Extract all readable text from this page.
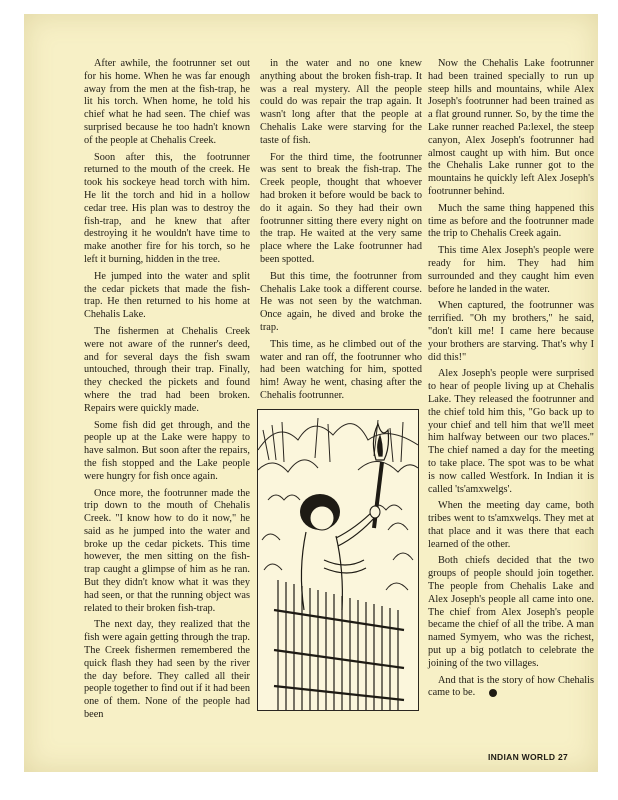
After awhile, the footrunner set out for his home. When he was far enough away from the men at the fish-trap, he lit his torch. When home, he told his chief what he had seen. The chief was surprised because he too hadn't known of the people at Chehalis Creek.

Soon after this, the footrunner returned to the mouth of the creek. He took his sockeye head torch with him. He lit the torch and hid in a hollow cedar tree. His plan was to destroy the fish-trap, and he knew that after destroying it he wouldn't have time to make another fire for his torch, so he left it burning, hidden in the tree.

He jumped into the water and split the cedar pickets that made the fish-trap. He then returned to his home at Chehalis Lake.

The fishermen at Chehalis Creek were not aware of the runner's deed, and for several days the fish swam untouched, through their trap. Finally, they checked the pickets and found where the trad had been broken. Repairs were quickly made.

Some fish did get through, and the people up at the Lake were happy to have salmon. But soon after the repairs, the fish stopped and the Lake people were hungry for fish once again.

Once more, the footrunner made the trip down to the mouth of Chehalis Creek. "I know how to do it now," he said as he jumped into the water and broke up the cedar pickets. This time however, the men sitting on the fish-trap caught a glimpse of him as he ran. But they didn't know what it was they had seen, or that the running object was related to their broken fish-trap.

The next day, they realized that the fish were again getting through the trap. The Creek fishermen remembered the quick flash they had seen by the river the day before. They called all their people together to find out if it had been one of them. None of the people had been

in the water and no one knew anything about the broken fish-trap. It was a real mystery. All the people could do was repair the trap again. It wasn't long after that the people at Chehalis Lake were starving for the taste of fish.

For the third time, the footrunner was sent to break the fish-trap. The Creek people, thought that whoever had broken it before would be back to do it again. So they had their own footrunner sitting there every night on the trap. He waited at the very same place where the Lake footrunner had been spotted.

But this time, the footrunner from Chehalis Lake took a different course. He was not seen by the watchman. Once again, he dived and broke the trap.

This time, as he climbed out of the water and ran off, the footrunner who had been watching for him, spotted him! Away he went, chasing after the Chehalis footrunner.

Now the Chehalis Lake footrunner had been trained specially to run up steep hills and mountains, while Alex Joseph's footrunner had been trained as a flat ground runner. So, by the time the Lake runner reached Pa:lexel, the steep canyon, Alex Joseph's footrunner had almost caught up with him. But once the Chehalis Lake runner got to the mountains he quickly left Alex Joseph's footrunner behind.

Much the same thing happened this time as before and the footrunner made the trip to Chehalis Creek again.

This time Alex Joseph's people were ready for him. They had him surrounded and they caught him even before he landed in the water.

When captured, the footrunner was terrified. "Oh my brothers," he said, "don't kill me! I came here because your brothers are starving. That's why I did this!"

Alex Joseph's people were surprised to hear of people living up at Chehalis Lake. They released the footrunner and the chief told him this, "Go back up to your chief and tell him that we'll meet him halfway between our two places." The chief named a day for the meeting to take place. The spot was to be what is now called Westfork. In Indian it is called 'ts'amxwelgs'.

When the meeting day came, both tribes went to ts'amxwelqs. They met at that place and it was there that each learned of the other.

Both chiefs decided that the two groups of people should join together. The people from Chehalis Lake and Alex Joseph's people all came into one. The chief from Alex Joseph's people became the chief of all the tribe. A man named Symyem, who was the richest, put up a big potlatch to celebrate the joining of the two villages.

And that is the story of how Chehalis came to be.

INDIAN WORLD 27
